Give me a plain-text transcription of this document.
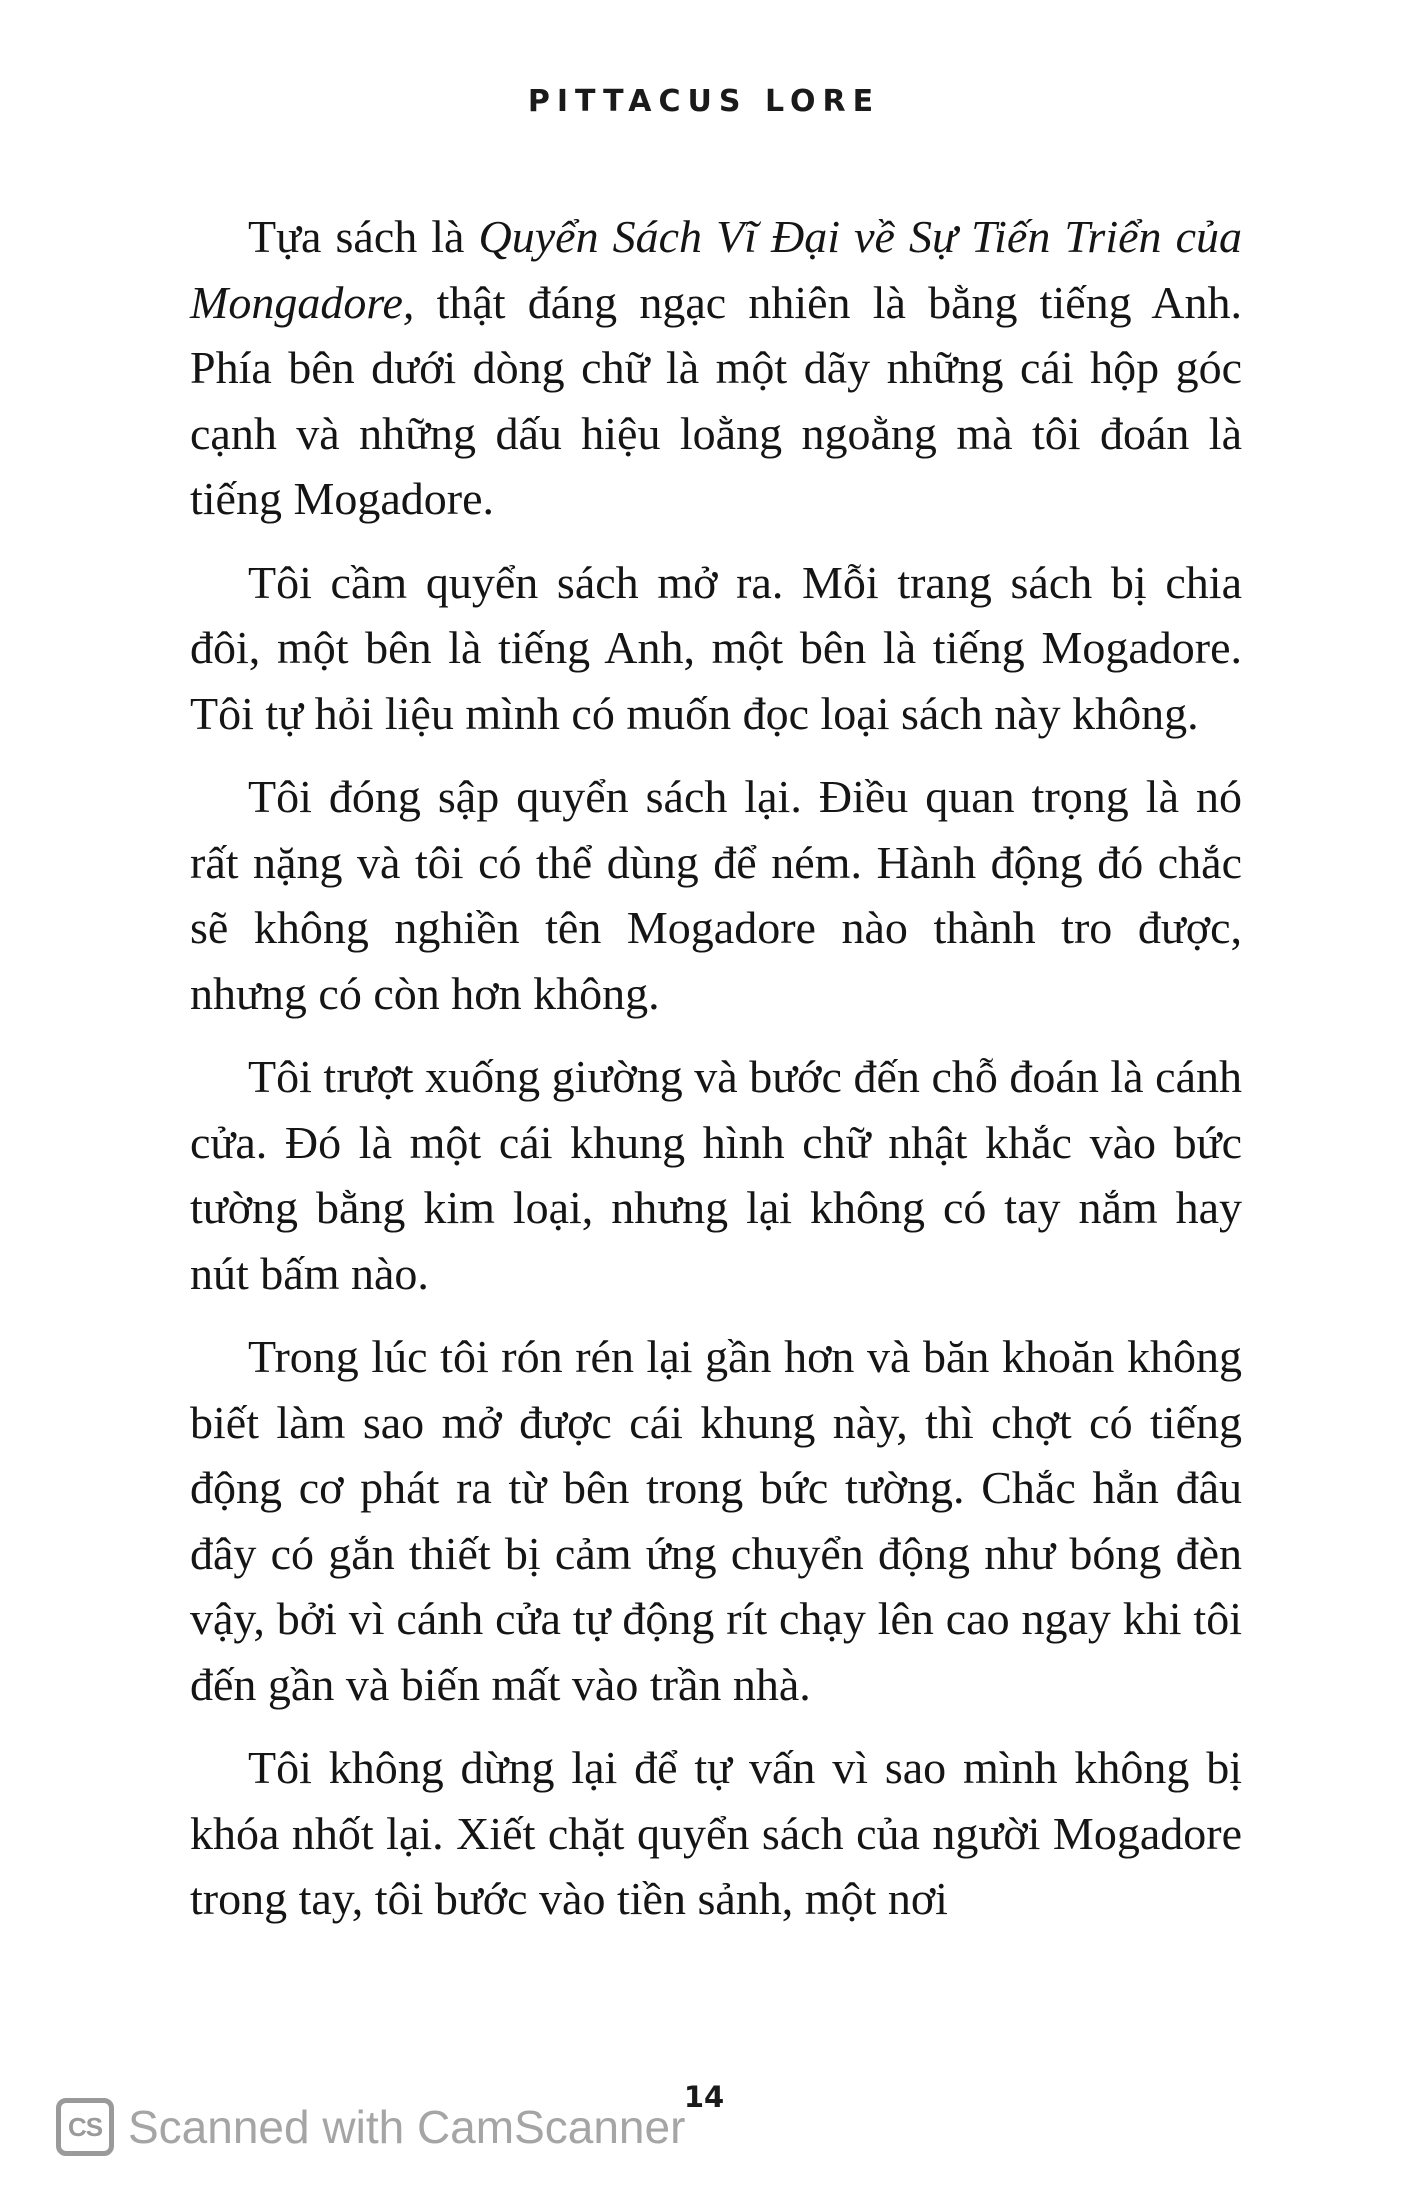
PITTACUS LORE

Tựa sách là Quyển Sách Vĩ Đại về Sự Tiến Triển của Mongadore, thật đáng ngạc nhiên là bằng tiếng Anh. Phía bên dưới dòng chữ là một dãy những cái hộp góc cạnh và những dấu hiệu loằng ngoằng mà tôi đoán là tiếng Mogadore.

Tôi cầm quyển sách mở ra. Mỗi trang sách bị chia đôi, một bên là tiếng Anh, một bên là tiếng Mogadore. Tôi tự hỏi liệu mình có muốn đọc loại sách này không.

Tôi đóng sập quyển sách lại. Điều quan trọng là nó rất nặng và tôi có thể dùng để ném. Hành động đó chắc sẽ không nghiền tên Mogadore nào thành tro được, nhưng có còn hơn không.

Tôi trượt xuống giường và bước đến chỗ đoán là cánh cửa. Đó là một cái khung hình chữ nhật khắc vào bức tường bằng kim loại, nhưng lại không có tay nắm hay nút bấm nào.

Trong lúc tôi rón rén lại gần hơn và băn khoăn không biết làm sao mở được cái khung này, thì chợt có tiếng động cơ phát ra từ bên trong bức tường. Chắc hẳn đâu đây có gắn thiết bị cảm ứng chuyển động như bóng đèn vậy, bởi vì cánh cửa tự động rít chạy lên cao ngay khi tôi đến gần và biến mất vào trần nhà.

Tôi không dừng lại để tự vấn vì sao mình không bị khóa nhốt lại. Xiết chặt quyển sách của người Mogadore trong tay, tôi bước vào tiền sảnh, một nơi

14
CS Scanned with CamScanner
